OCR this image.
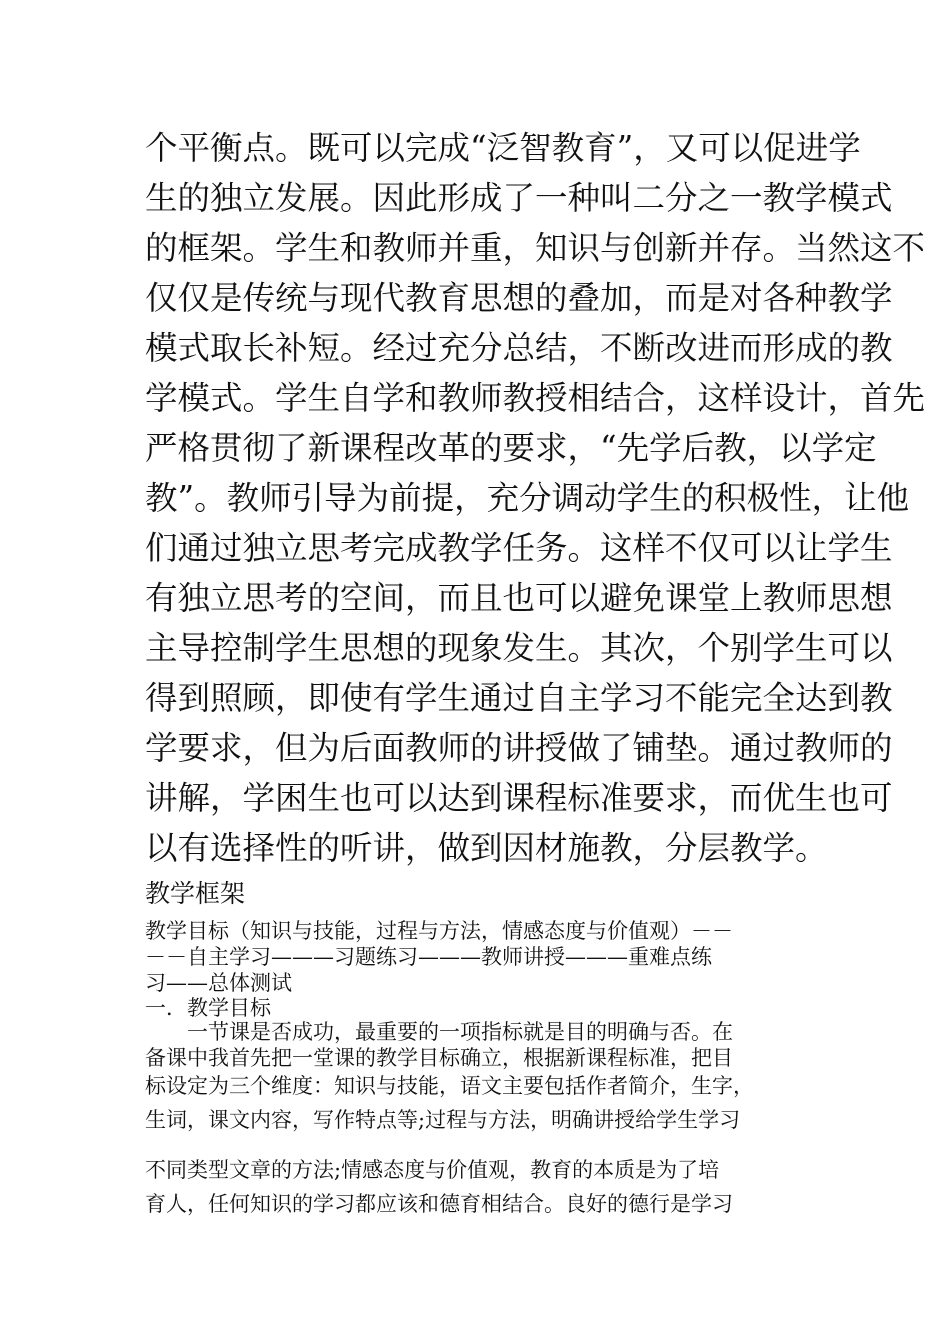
个平衡点。既可以完成“泛智教育”，又可以促进学
生的独立发展。因此形成了一种叫二分之一教学模式
的框架。学生和教师并重，知识与创新并存。当然这不
仅仅是传统与现代教育思想的叠加，而是对各种教学
模式取长补短。经过充分总结，不断改进而形成的教
学模式。学生自学和教师教授相结合，这样设计，首先
严格贯彻了新课程改革的要求，“先学后教，以学定
教”。教师引导为前提，充分调动学生的积极性，让他
们通过独立思考完成教学任务。这样不仅可以让学生
有独立思考的空间，而且也可以避免课堂上教师思想
主导控制学生思想的现象发生。其次，个别学生可以
得到照顾，即使有学生通过自主学习不能完全达到教
学要求，但为后面教师的讲授做了铺垫。通过教师的
讲解，学困生也可以达到课程标准要求，而优生也可
以有选择性的听讲，做到因材施教，分层教学。
教学框架
教学目标（知识与技能，过程与方法，情感态度与价值观）－－
－－自主学习———习题练习———教师讲授———重难点练
习——总体测试
一．教学目标
　　一节课是否成功，最重要的一项指标就是目的明确与否。在
备课中我首先把一堂课的教学目标确立，根据新课程标准，把目
标设定为三个维度：知识与技能，语文主要包括作者简介，生字，
生词，课文内容，写作特点等;过程与方法，明确讲授给学生学习
不同类型文章的方法;情感态度与价值观，教育的本质是为了培
育人，任何知识的学习都应该和德育相结合。良好的德行是学习
